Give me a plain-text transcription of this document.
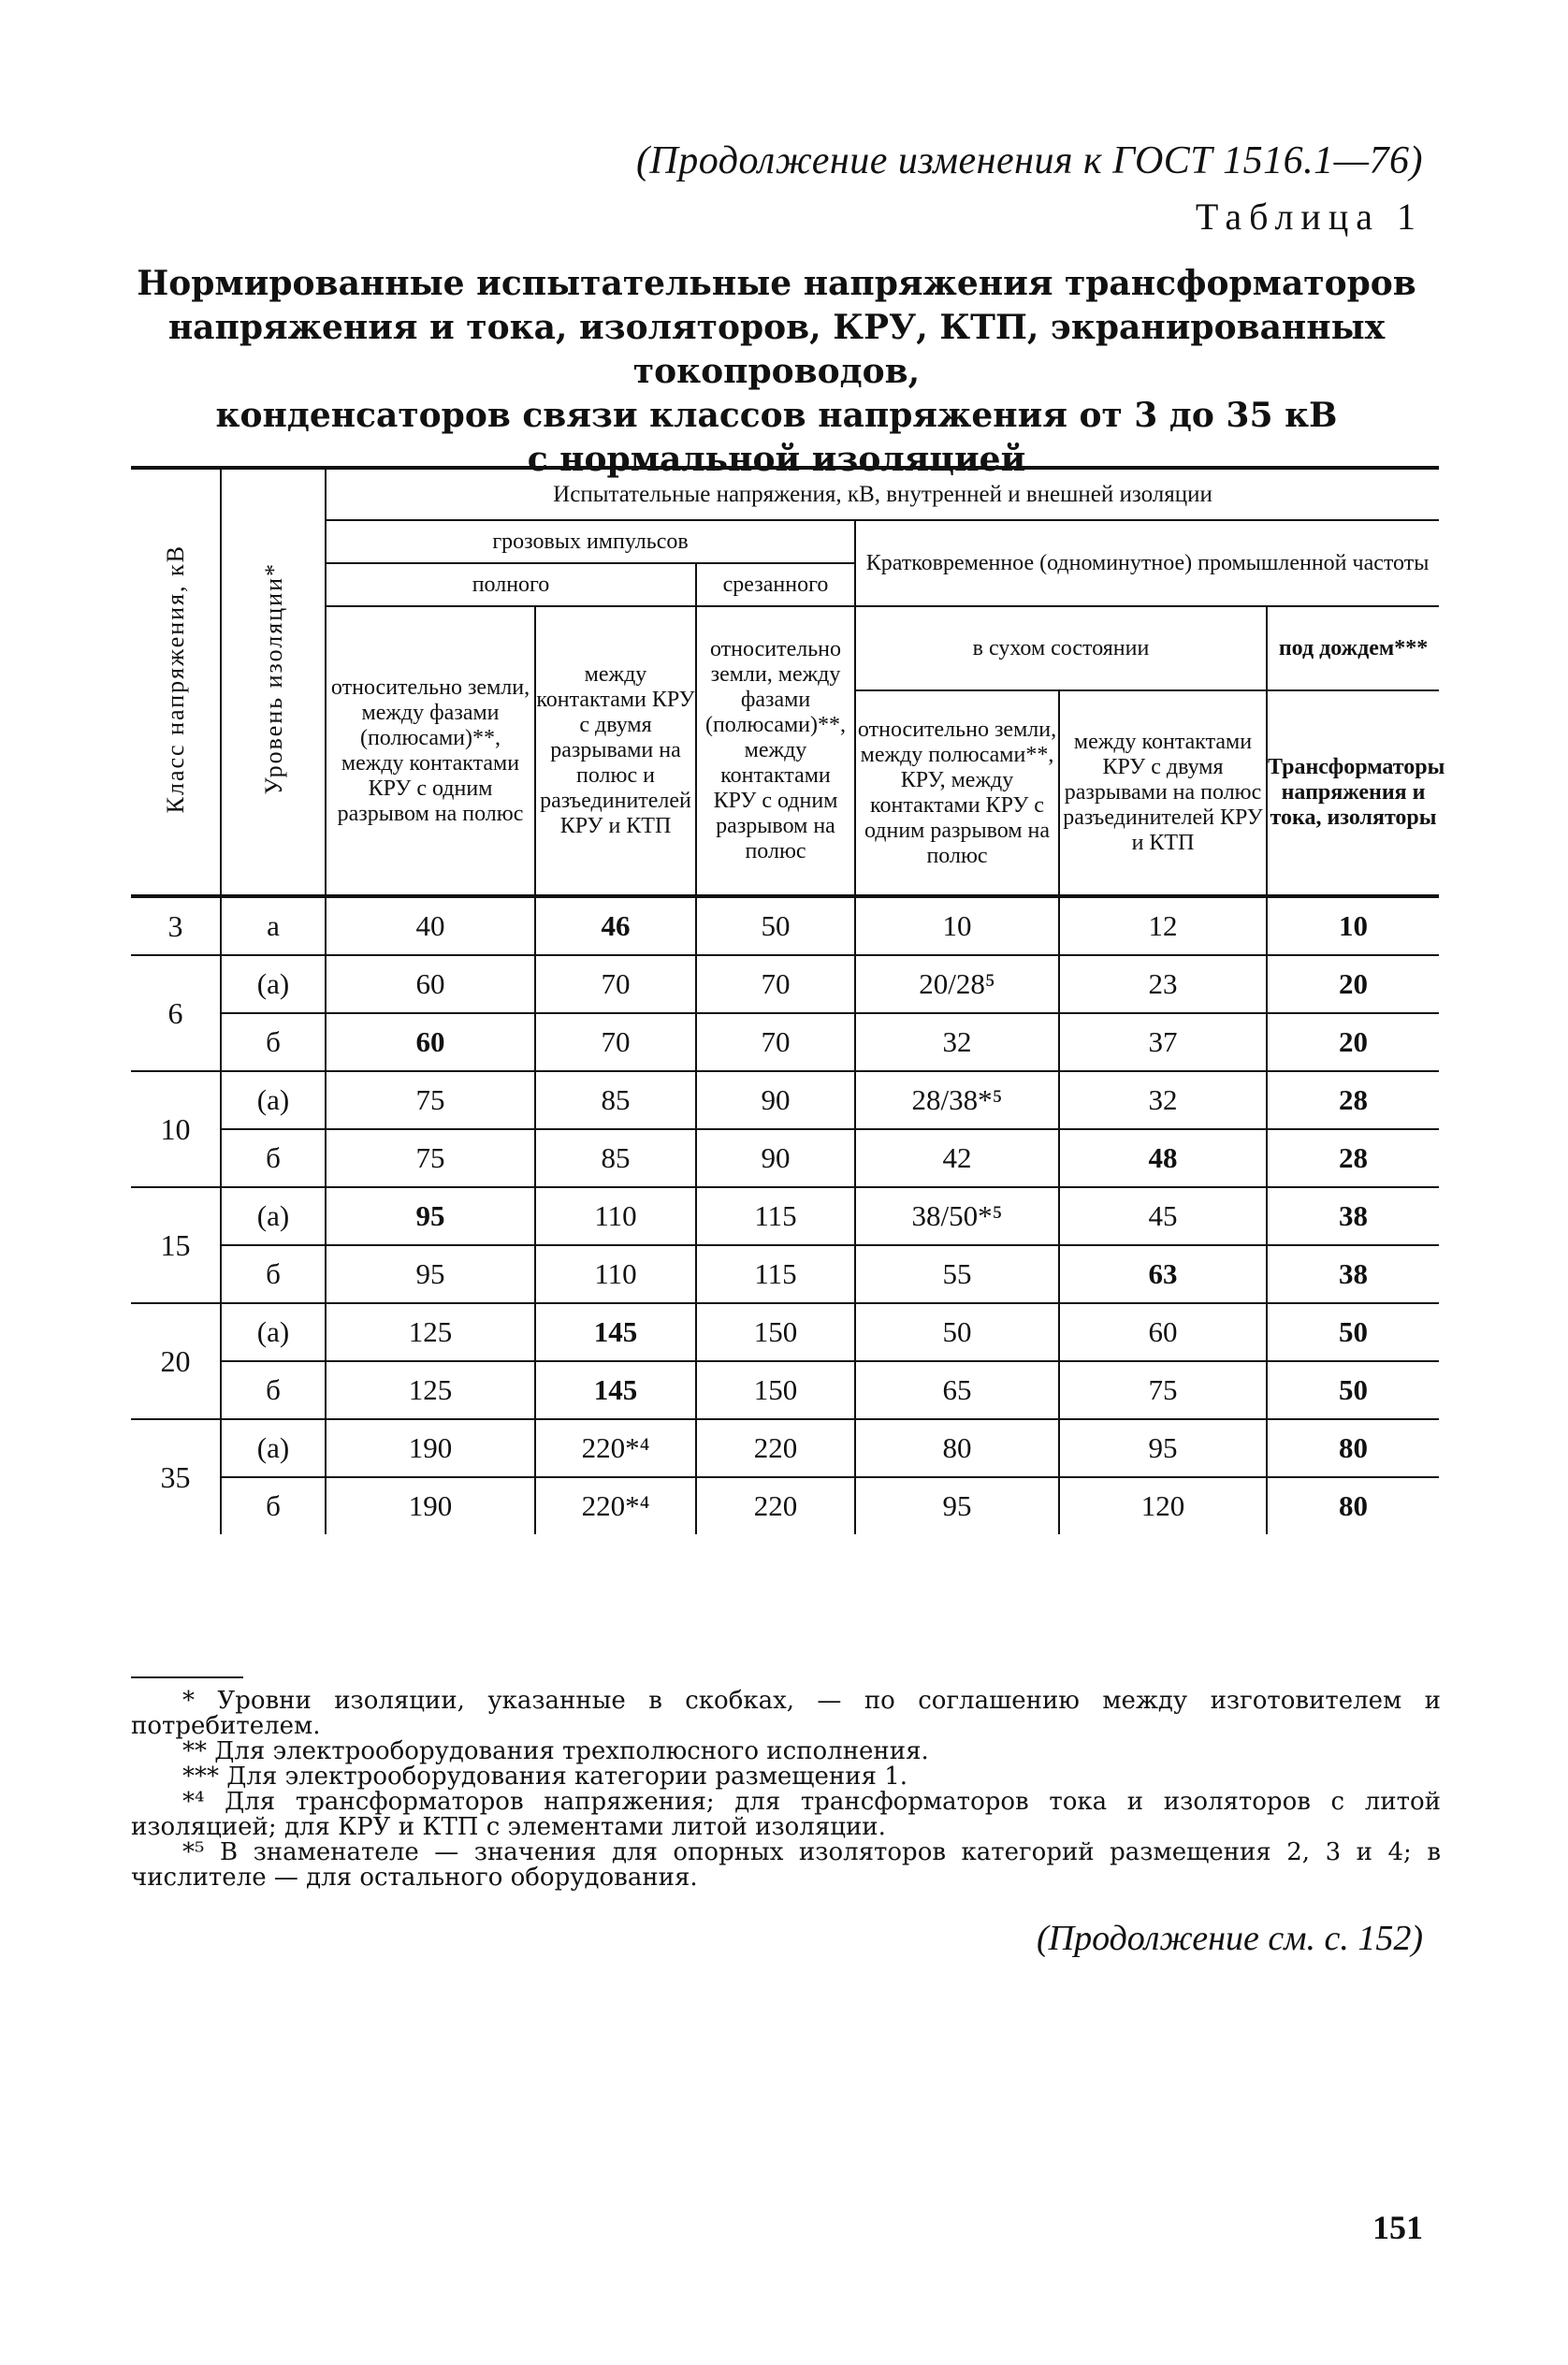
(Продолжение изменения к ГОСТ 1516.1—76)
Таблица 1
Нормированные испытательные напряжения трансформаторов
напряжения и тока, изоляторов, КРУ, КТП, экранированных токопроводов,
конденсаторов связи классов напряжения от 3 до 35 кВ
с нормальной изоляцией
Класс напряжения, кВ	Уровень изоляции*	Испытательные напряжения, кВ, внутренней и внешней изоляции					
		грозовых импульсов			Кратковременное (одноминутное) промышленной частоты		
		полного		срезанного			
		относительно земли, между фазами (полюсами)**, между контактами КРУ с одним разрывом на полюс	между контактами КРУ с двумя разрывами на полюс и разъединителей КРУ и КТП	относительно земли, между фазами (полюсами)**, между контактами КРУ с одним разрывом на полюс	в сухом состоянии		под дождем***
					относительно земли, между полюсами**, КРУ, между контактами КРУ с одним разрывом на полюс	между контактами КРУ с двумя разрывами на полюс разъединителей КРУ и КТП	Трансформаторы напряжения и тока, изоляторы

3	а	40	46	50	10	12	10
6	(а)	60	70	70	20/28⁵	23	20
	б	60	70	70	32	37	20
10	(а)	75	85	90	28/38*⁵	32	28
	б	75	85	90	42	48	28
15	(а)	95	110	115	38/50*⁵	45	38
	б	95	110	115	55	63	38
20	(а)	125	145	150	50	60	50
	б	125	145	150	65	75	50
35	(а)	190	220*⁴	220	80	95	80
	б	190	220*⁴	220	95	120	80

* Уровни изоляции, указанные в скобках, — по соглашению между изготовителем и потребителем.

** Для электрооборудования трехполюсного исполнения.

*** Для электрооборудования категории размещения 1.

*⁴ Для трансформаторов напряжения; для трансформаторов тока и изоляторов с литой изоляцией; для КРУ и КТП с элементами литой изоляции.

*⁵ В знаменателе — значения для опорных изоляторов категорий размещения 2, 3 и 4; в числителе — для остального оборудования.

(Продолжение см. с. 152)
151
